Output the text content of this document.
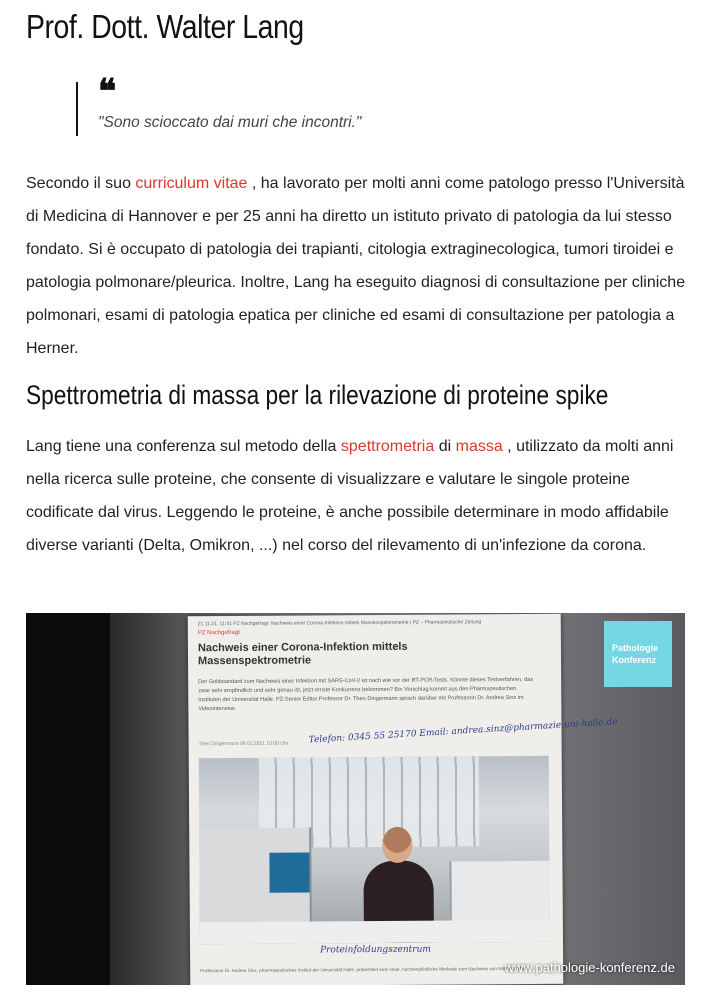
Prof. Dott. Walter Lang
❝
"Sono scioccato dai muri che incontri."

Secondo il suo curriculum vitae , ha lavorato per molti anni come patologo presso l'Università di Medicina di Hannover e per 25 anni ha diretto un istituto privato di patologia da lui stesso fondato. Si è occupato di patologia dei trapianti, citologia extraginecologica, tumori tiroidei e patologia polmonare/pleurica. Inoltre, Lang ha eseguito diagnosi di consultazione per cliniche polmonari, esami di patologia epatica per cliniche ed esami di consultazione per patologia a Herner.

Spettrometria di massa per la rilevazione di proteine spike

Lang tiene una conferenza sul metodo della spettrometria di massa , utilizzato da molti anni nella ricerca sulle proteine, che consente di visualizzare e valutare le singole proteine codificate dal virus. Leggendo le proteine, è anche possibile determinare in modo affidabile diverse varianti (Delta, Omikron, ...) nel corso del rilevamento di un'infezione da corona.

21.11.21, 11:41 PZ Nachgefragt: Nachweis einer Corona-Infektion mittels Massenspektrometrie | PZ – Pharmazeutische Zeitung
PZ Nachgefragt
Nachweis einer Corona-Infektion mittels Massenspektrometrie
Der Goldstandard zum Nachweis einer Infektion mit SARS-CoV-2 ist nach wie vor der RT-PCR-Tests. Könnte dieses Testverfahren, das zwar sehr empfindlich und sehr genau ist, jetzt ernste Konkurrenz bekommen? Ein Vorschlag kommt aus den Pharmazeutischen Instituten der Universität Halle. PZ-Senior Editor Professor Dr. Theo Dingermann sprach darüber mit Professorin Dr. Andrea Sinz im Videointerview.
Theo Dingermann 09.01.2021 10:00 Uhr Telefon: 0345 55 25170 Email: andrea.sinz@pharmazie.uni-halle.de
Proteinfoldungszentrum
Professorin Dr. Andrea Sinz, pharmazeutisches Institut der Universität Halle, präsentiert eine neue, hochempfindliche Methode zum Nachweis von SARS-CoV-2.
Pathologie
Konferenz
www.pathologie-konferenz.de
